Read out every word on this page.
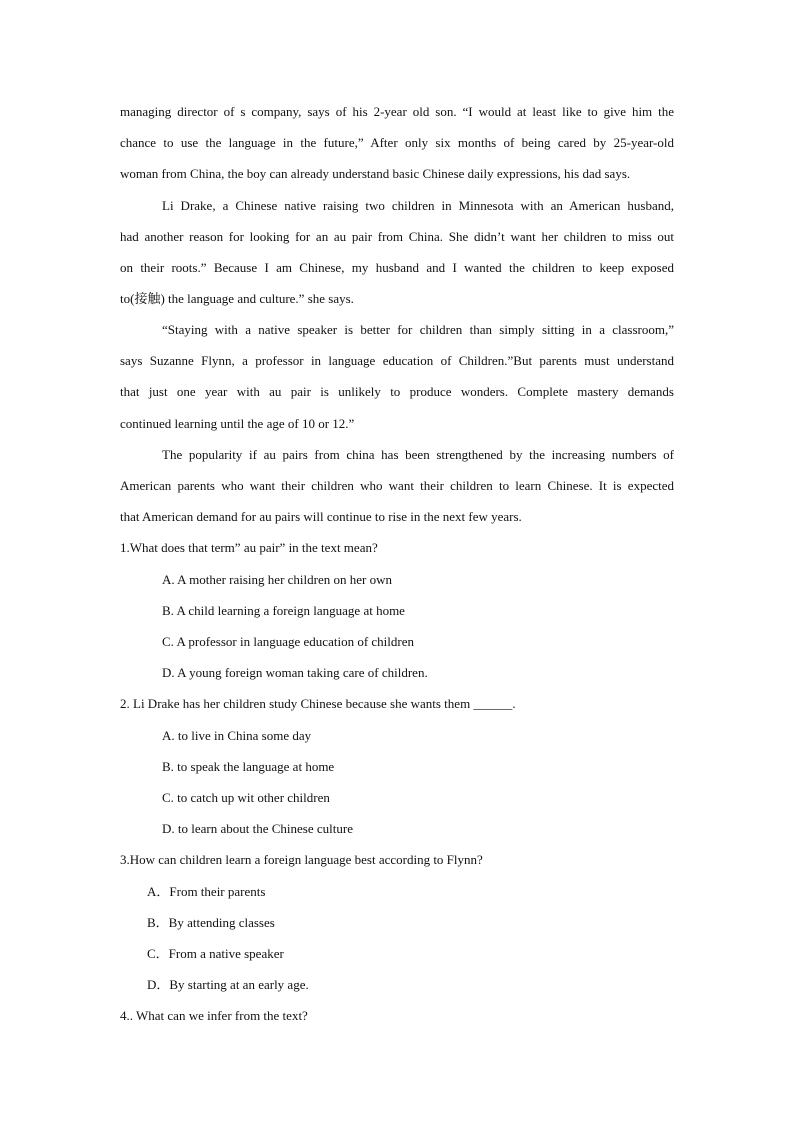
managing director of s company, says of his 2-year old son. “I would at least like to give him the
chance to use the language in the future,” After only six months of being cared by 25-year-old
woman from China, the boy can already understand basic Chinese daily expressions, his dad says.
Li Drake, a Chinese native raising two children in Minnesota with an American husband,
had another reason for looking for an au pair from China. She didn’t want her children to miss out
on their roots.” Because I am Chinese, my husband and I wanted the children to keep exposed
to(接触) the language and culture.” she says.
“Staying with a native speaker is better for children than simply sitting in a classroom,”
says Suzanne Flynn, a professor in language education of Children.”But parents must understand
that just one year with au pair is unlikely to produce wonders. Complete mastery demands
continued learning until the age of 10 or 12.”
The popularity if au pairs from china has been strengthened by the increasing numbers of
American parents who want their children who want their children to learn Chinese. It is expected
that American demand for au pairs will continue to rise in the next few years.
1.What does that term” au pair” in the text mean?
A. A mother raising her children on her own
B. A child learning a foreign language at home
C. A professor in language education of children
D. A young foreign woman taking care of children.
2. Li Drake has her children study Chinese because she wants them ______.
A. to live in China some day
B. to speak the language at home
C. to catch up wit other children
D. to learn about the Chinese culture
3.How can children learn a foreign language best according to Flynn?
A．From their parents
B．By attending classes
C．From a native speaker
D．By starting at an early age.
4.. What can we infer from the text?
